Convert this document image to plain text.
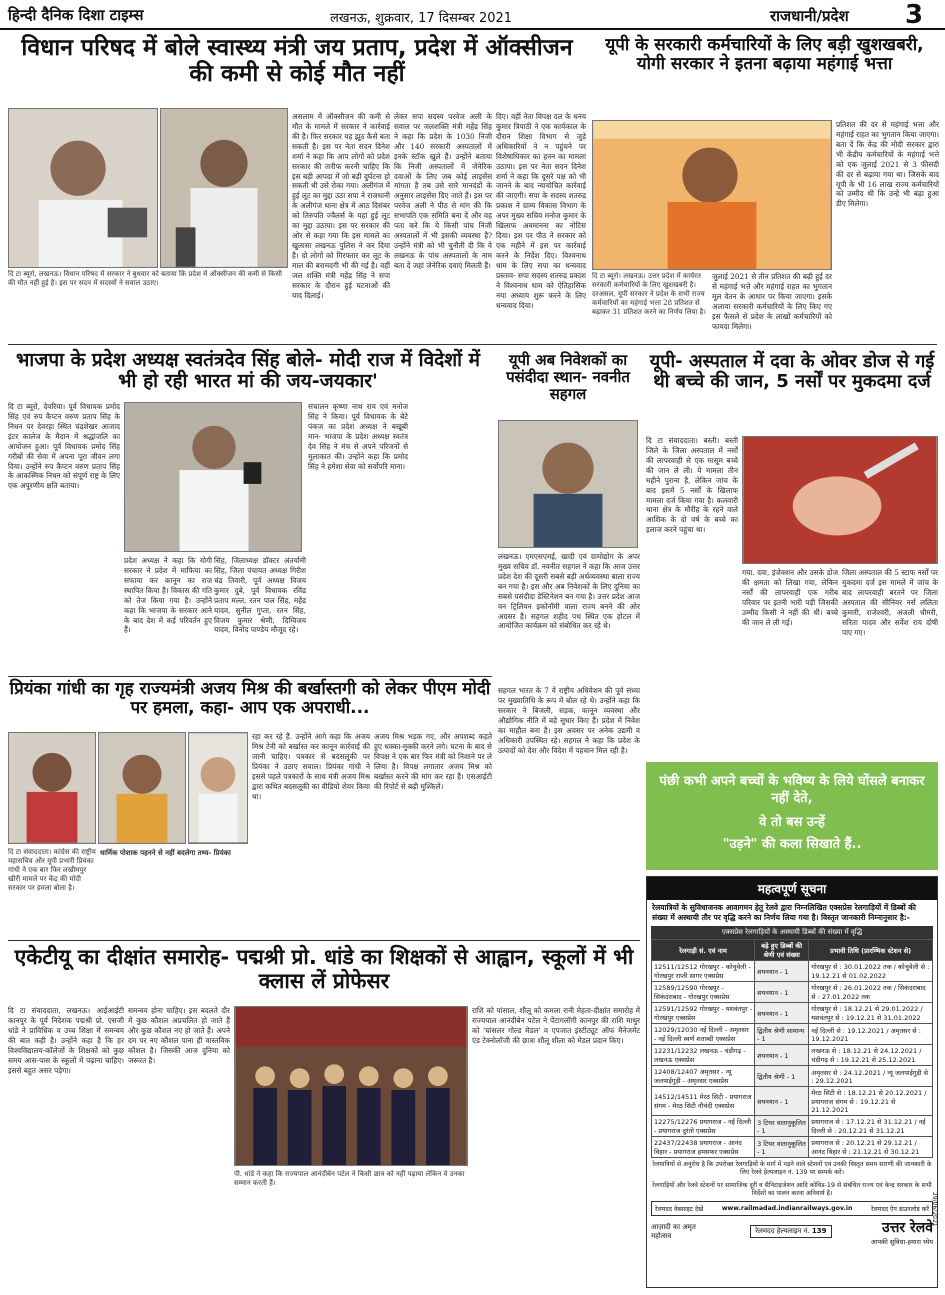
हिन्दी दैनिक दिशा टाइम्स	लखनऊ, शुक्रवार, 17 दिसम्बर 2021	राजधानी/प्रदेश 3
विधान परिषद में बोले स्वास्थ्य मंत्री जय प्रताप, प्रदेश में ऑक्सीजन की कमी से कोई मौत नहीं
दि टा ब्यूरो, लखनऊ। विधान परिषद में सरकार ने बुधवार को बताया कि प्रदेश में ऑक्सीजन की कमी से किसी की मौत नहीं हुई है। इस पर सदन में सदस्यों ने सवाल उठाए।
असलाम में ऑक्सीजन की कमी से मौत के मामले में सरकार ने कार्रवाई की है। फिर सरकार यह झूठ कैसे बता सकती है। इस पर नेता सदन दिनेश शर्मा ने कहा कि आप लोगों को प्रदेश सरकार की तारीफ करनी चाहिए कि इस बड़ी आपदा में जो बड़ी दुर्घटना हो सकती थी उसे रोका गया। अलीगंज में हुई लूट का मुद्दा उठा सपा ने राजधानी के अलीगंज थाना क्षेत्र में आठ दिसंबर को तिरुपति ज्वैलर्स के यहां हुई लूट का मुद्दा उठाया। इस पर सरकार की ओर से कहा गया कि इस मामले का खुलासा लखनऊ पुलिस ने कर दिया है। दो लोगों को गिरफ्तार कर लूट के माल की बरामदगी भी की गई है। वहीं जल शक्ति मंत्री महेंद्र सिंह ने सपा सरकार के दौरान हुई घटनाओं की याद दिलाई।
लेकर सपा सदस्य परवेज अली के सवाल पर जलशक्ति मंत्री महेंद्र सिंह ने कहा कि प्रदेश के 1030 निजी और 140 सरकारी अस्पतालों में इनके स्टॉक खुले हैं। उन्होंने बताया कि निजी अस्पतालों में जेनेरिक दवाओं के लिए जब कोई लाइसेंस मांगता है तब उसे सारे मानदंडों के अनुसार लाइसेंस दिए जाते हैं। इस पर परवेज अली ने पीठ से मांग की कि सभापति एक समिति बना दें और वह पता करे कि ये किसी पांच निजी अस्पतालों में भी इसकी व्यवस्था है? उन्होंने मंत्री को भी चुनौती दी कि वे लखनऊ के पांच अस्पतालों के नाम बता दें जहां जेनेरिक दवाएं मिलती हैं।
दिए। वहीं नेता विपक्ष दल के धनय कुमार त्रिपाठी ने एक कार्यकाल के दौरान शिक्षा विभाग से जुड़े अधिकारियों ने न पहुंचने पर विशेषाधिकार का हनन का मामला उठाया। इस पर नेता सदन दिनेश शर्मा ने कहा कि दूसरे पक्ष को भी जानने के बाद न्यायोचित कार्रवाई की जाएगी। सपा के सदस्य शतरुद्र प्रकाश ने ग्राम्य विकास विभाग के अपर मुख्य सचिव मनोज कुमार के खिलाफ अवमानना का नोटिस दिया। इस पर पीठ ने सरकार को एक महीने में इस पर कार्रवाई करने के निर्देश दिए। विश्वनाथ धाम के लिए सपा का धन्यवाद प्रस्ताव- सपा सदस्य शतरुद्र प्रकाश ने विश्वनाथ धाम को ऐतिहासिक नया अध्याय शुरू करने के लिए धन्यवाद दिया।
यूपी के सरकारी कर्मचारियों के लिए बड़ी खुशखबरी, योगी सरकार ने इतना बढ़ाया महंगाई भत्ता
प्रतिशत की दर से महंगाई भत्ता और महंगाई राहत का भुगतान किया जाएगा। बता दें कि केंद्र की मोदी सरकार द्वारा भी केंद्रीय कर्मचारियों के महंगाई भत्ते को एक जुलाई 2021 से 3 फीसदी की दर से बढ़ाया गया था। जिसके बाद यूपी के भी 16 लाख राज्य कर्मचारियों को उम्मीद थी कि उन्हें भी बढ़ा हुआ डीए मिलेगा।
दि टा ब्यूरो। लखनऊ। उत्तर प्रदेश में कार्यरत सरकारी कर्मचारियों के लिए खुशखबरी है। दरअसल, यूपी सरकार ने प्रदेश के सभी राज्य कर्मचारियों का महंगाई भत्ता 28 प्रतिशत से बढ़ाकर 31 प्रतिशत करने का निर्णय लिया है।
जुलाई 2021 से तीन प्रतिशत की बढ़ी हुई दर से महंगाई भत्ते और महंगाई राहत का भुगतान मूल वेतन के आधार पर किया जाएगा। इसके अलावा सरकारी कर्मचारियों के लिए किए गए इस फैसले से प्रदेश के लाखों कर्मचारियों को फायदा मिलेगा।
भाजपा के प्रदेश अध्यक्ष स्वतंत्रदेव सिंह बोले- मोदी राज में विदेशों में भी हो रही भारत मां की जय-जयकार'
दि टा ब्यूरो, देवरिया। पूर्व विधायक प्रमोद सिंह एवं रुप कैप्टन वरुण प्रताप सिंह के निधन पर देवरहा स्थित चंद्रशेखर आजाद इंटर कालेज के मैदान में श्रद्धांजलि का आयोजन हुआ। पूर्व विधायक प्रमोद सिंह गरीबों की सेवा में अपना पूरा जीवन लगा दिया। उन्होंने रुप कैप्टन वरुण प्रताप सिंह के आकस्मिक निधन को संपूर्ण राष्ट्र के लिए एक अपूरणीय क्षति बताया।
प्रदेश अध्यक्ष ने कहा कि योगी सरकार ने प्रदेश में माफिया का सफाया कर कानून का राज स्थापित किया है। विकास की गति को तेज किया गया है। उन्होंने कहा कि भाजपा के सरकार आने के बाद देश में कई परिवर्तन हुए हैं।
सिंह, जिलाध्यक्ष डॉक्टर अंतर्यामी सिंह, जिला पंचायत अध्यक्ष गिरीश चंद्र तिवारी, पूर्व अध्यक्ष विजय कुमार दुबे, पूर्व विधायक रविंद्र प्रताप मल्ल, रतन पाल सिंह, महेंद्र यादव, सुनील गुप्ता, रतन सिंह, विजय कुमार श्रेणी, दिग्विजय यादव, विनोद पाण्डेय मौजूद रहे।
संचालन कृष्णा नाथ राय एवं मनोज सिंह ने किया। पूर्व विधायक के बेटे पंकज का प्रदेश अध्यक्ष ने बखूबी मान- भाजपा के प्रदेश अध्यक्ष स्वतंत्र देव सिंह ने मंच से अपने परिजनों से मुलाकात की। उन्होंने कहा कि प्रमोद सिंह ने हमेशा सेवा को सर्वोपरि माना।
यूपी अब निवेशकों का पसंदीदा स्थान- नवनीत सहगल
लखनऊ। एमएसएमई, खादी एवं ग्रामोद्योग के अपर मुख्य सचिव डॉ. नवनीत सहगल ने कहा कि आज उत्तर प्रदेश देश की दूसरी सबसे बड़ी अर्थव्यवस्था बाला राज्य बन गया है। इस और अब निवेशकों के लिए दुनिया का सबसे पसंदीदा डेस्टिनेशन बन गया है। उत्तर प्रदेश आज वन ट्रिलियन इकोनॉमी वाला राज्य बनने की ओर अग्रसर है। सहगल शहीद पथ स्थित एक होटल में आयोजित कार्यक्रम को संबोधित कर रहे थे।
सहगल भारत के 7 वें राष्ट्रीय अधिवेशन की पूर्व संध्या पर मुख्यातिथि के रूप में बोल रहे थे। उन्होंने कहा कि सरकार ने बिजली, सड़क, कानून व्यवस्था और औद्योगिक नीति में बड़े सुधार किए हैं। प्रदेश में निवेश का माहौल बना है। इस अवसर पर अनेक उद्यमी व अधिकारी उपस्थित रहे। सहगल ने कहा कि प्रदेश के उत्पादों को देश और विदेश में पहचान मिल रही है।
यूपी- अस्पताल में दवा के ओवर डोज से गई थी बच्चे की जान, 5 नर्सों पर मुकदमा दर्ज
दि टा संवाददाता। बस्ती। बस्ती जिले के जिला अस्पताल में नर्सों की लापरवाही से एक मासूम बच्चे की जान ले ली। ये मामला तीन महीने पुराना है, लेकिन जांच के बाद इसमें 5 नर्सों के खिलाफ मामला दर्ज किया गया है। कलवारी थाना क्षेत्र के मौरीह के रहने वाले आशिक के दो वर्ष के बच्चे का इलाज करने पहुंचा था।
गया. दवा, इंजेक्शन और उसके डोज की क्षमता को लिखा गया, लेकिन नर्सों की लापरवाही एक गरीब परिवार पर इतनी भारी पड़ी जिसकी उम्मीद किसी ने नहीं की थी। बच्चे की जान ले ली गई।
जिला अस्पताल की 5 स्टाफ नर्सों पर मुकदमा दर्ज इस मामले में जांच के बाद लापरवाही बरतने पर जिला अस्पताल की सीनियर नर्स ललिता कुमारी, राजेश्वरी, अंजली धीमरी, सरिता यादव और सर्वेश राय दोषी पाए गए।
प्रियंका गांधी का गृह राज्यमंत्री अजय मिश्र की बर्खास्तगी को लेकर पीएम मोदी पर हमला, कहा- आप एक अपराधी...
दि टा संवाददाता। कांग्रेस की राष्ट्रीय महासचिव और यूपी प्रभारी प्रियंका गांधी ने एक बार फिर लखीमपुर खीरी मामले पर केंद्र की मोदी सरकार पर हमला बोला है।
धार्मिक पोशाक पहनने से नहीं बदलेगा तथ्य- प्रियंका
रहा कर रहे हैं. उन्होंने आगे कहा कि अजय मिश्र टेनी को बर्खास्त कर कानून कार्रवाई की जानी चाहिए। पत्रकार से बदसलूकी पर प्रियंका ने उठाए सवाल। प्रियंका गांधी ने इससे पहले पत्रकारों के साथ मंत्री अजय मिश्र द्वारा कथित बदसलूकी का वीडियो शेयर किया था।
अजय मिश्र भड़क गए, और अपशब्द कहते हुए धक्का-मुक्की करने लगे। घटना के बाद से विपक्ष ने एक बार फिर मंत्री को निशाने पर ले लिया है। विपक्ष लगातार अजय मिश्र को बर्खास्त करने की मांग कर रहा है। एसआईटी की रिपोर्ट से बढ़ी मुश्किलें।	पंछी कभी अपने बच्चों के भविष्य के लिये घोंसले बनाकर नहीं देते,
वे तो बस उन्हें
"उड़ने" की कला सिखाते हैं..
महत्वपूर्ण सूचना
रेलयात्रियों के सुविधाजनक आवागमन हेतु रेलवे द्वारा निम्नलिखित एक्सप्रेस रेलगाड़ियों में डिब्बों की संख्या में अस्थायी तौर पर वृद्धि करने का निर्णय लिया गया है। विस्तृत जानकारी निम्नानुसार है:-
एक्सप्रेस रेलगाड़ियों के अस्थायी डिब्बों की संख्या में वृद्धि
रेलगाड़ी सं. एवं नाम	बढ़े हुए डिब्बों की श्रेणी एवं संख्या	प्रभावी तिथि (प्रारम्भिक स्टेशन से)
12511/12512 गोरखपुर - कोचुवेली - गोरखपुर राप्ती सागर एक्सप्रेस	शयनयान - 1	गोरखपुर से : 30.01.2022 तक / कोचुवेली से : 19.12.21 से 01.02.2022
12589/12590 गोरखपुर - सिकंदराबाद - गोरखपुर एक्सप्रेस	शयनयान - 1	गोरखपुर से : 26.01.2022 तक / सिकंदराबाद से : 27.01.2022 तक
12591/12592 गोरखपुर - यशवंतपुर - गोरखपुर एक्सप्रेस	शयनयान - 1	गोरखपुर से : 18.12.21 से 29.01.2022 / यशवंतपुर से : 19.12.21 से 31.01.2022
12029/12030 नई दिल्ली - अमृतसर - नई दिल्ली स्वर्ण शताब्दी एक्सप्रेस	द्वितीय श्रेणी सामान्य - 1	नई दिल्ली से : 19.12.2021 / अमृतसर से : 19.12.2021
12231/12232 लखनऊ - चंडीगढ़ - लखनऊ एक्सप्रेस	शयनयान - 1	लखनऊ से : 18.12.21 से 24.12.2021 / चंडीगढ़ से : 19.12.21 से 25.12.2021
12408/12407 अमृतसर - न्यू जलपाईगुड़ी - अमृतसर एक्सप्रेस	द्वितीय श्रेणी - 1	अमृतसर से : 24.12.2021 / न्यू जलपाईगुड़ी से : 29.12.2021
14512/14511 मेरठ सिटी - प्रयागराज संगम - मेरठ सिटी नौचंदी एक्सप्रेस	शयनयान - 1	मेरठ सिटी से : 18.12.21 से 20.12.2021 / प्रयागराज संगम से : 19.12.21 से 21.12.2021
12275/12276 प्रयागराज - नई दिल्ली - प्रयागराज दुरंतो एक्सप्रेस	3 टियर वातानुकूलित - 1	प्रयागराज से : 17.12.21 से 31.12.21 / नई दिल्ली से : 20.12.21 से 31.12.21
22437/22438 प्रयागराज - आनंद विहार - प्रयागराज हमसफर एक्सप्रेस	3 टियर वातानुकूलित - 1	प्रयागराज से : 20.12.21 से 29.12.21 / आनंद विहार से : 21.12.21 से 30.12.21
रेलयात्रियों से अनुरोध है कि उपरोक्त रेलगाड़ियों के मार्ग में पड़ने वाले स्टेशनों एवं उनकी विस्तृत समय सारणी की जानकारी के लिए रेलवे हेल्पलाइन नं. 139 पर सम्पर्क करें।
रेलगाड़ियों और रेलवे स्टेशनों पर सामाजिक दूरी व सैनिटाइजेशन आदि कोविड-19 से संबंधित राज्य एवं केन्द्र सरकार के सभी निर्देशों का पालन करना अनिवार्य है।
रेलमदद वेबसाइट देखें	www.railmadad.indianrailways.gov.in	रेलमदद ऐप डाउनलोड करें
आज़ादी का अमृत महोत्सव
रेलमदद हेल्पलाइन नं. 139	उत्तर रेलवे
आपकी सुविधा-हमारा ध्येय
29/06/2021
एकेटीयू का दीक्षांत समारोह- पद्मश्री प्रो. धांडे का शिक्षकों से आह्वान, स्कूलों में भी क्लास लें प्रोफेसर
दि टा संवाददाता, लखनऊ। आईआईटी कानपुर के पूर्व निदेशक पद्मश्री प्रो. एसजी धांडे ने प्राविधिक व उच्च शिक्षा में समन्वय की बात कही है। उन्होंने कहा है कि हर विश्वविद्यालय-कॉलेजों के शिक्षकों को कुछ समय आस-पास के स्कूलों में पढ़ाना चाहिए। इससे बहुत असर पड़ेगा।
समन्वय होना चाहिए। इस बदलते दौर में कुछ कौशल अप्रचलित हो जाते हैं और कुछ कौशल नए हो जाते हैं। अपने दम पर नए कौशल पाना ही वास्तविक कौशल है। जिसकी आज दुनिया को जरूरत है।
पी. धांडे ने कहा कि राज्यपाल आनंदीबेन पटेल ने किसी छात्र को नहीं पढ़ाया लेकिन वे उनका सम्मान करती हैं।
राशि को पांसाल, शौलू को कमला रानी मेहता-दीक्षांत समारोह में राज्यपाल आनंदीबेन पटेल ने पेंटागलॉगी कानपुर की राशि माथुर को 'चांसलर गोल्ड मेडल' व एपजात इंस्टीट्यूट ऑफ मैनेजमेंट एंड टेक्नोलॉजी की छात्रा शौलू शीला को मेडल प्रदान किए।
